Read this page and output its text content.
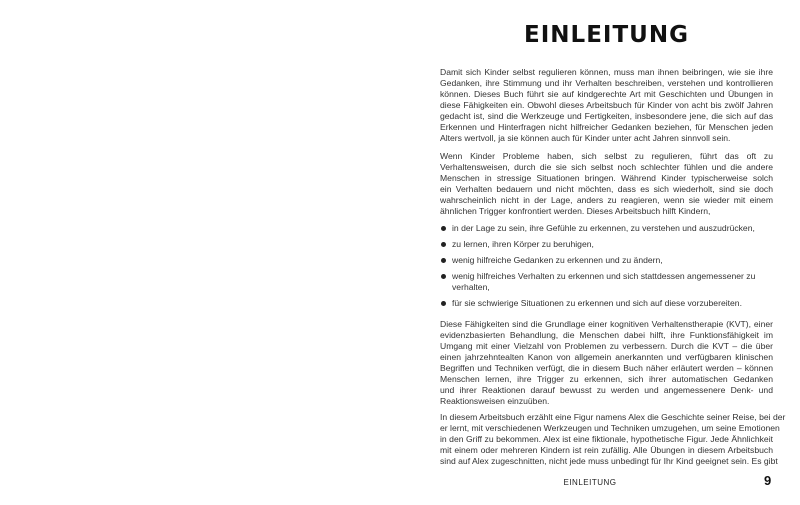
EINLEITUNG
Damit sich Kinder selbst regulieren können, muss man ihnen beibringen, wie sie ihre
Gedanken, ihre Stimmung und ihr Verhalten beschreiben, verstehen und kontrollieren
können. Dieses Buch führt sie auf kindgerechte Art mit Geschichten und Übungen in
diese Fähigkeiten ein. Obwohl dieses Arbeitsbuch für Kinder von acht bis zwölf Jahren
gedacht ist, sind die Werkzeuge und Fertigkeiten, insbesondere jene, die sich auf das
Erkennen und Hinterfragen nicht hilfreicher Gedanken beziehen, für Menschen jeden
Alters wertvoll, ja sie können auch für Kinder unter acht Jahren sinnvoll sein.
Wenn Kinder Probleme haben, sich selbst zu regulieren, führt das oft zu
Verhaltensweisen, durch die sie sich selbst noch schlechter fühlen und die andere
Menschen in stressige Situationen bringen. Während Kinder typischerweise solch
ein Verhalten bedauern und nicht möchten, dass es sich wiederholt, sind sie doch
wahrscheinlich nicht in der Lage, anders zu reagieren, wenn sie wieder mit einem
ähnlichen Trigger konfrontiert werden. Dieses Arbeitsbuch hilft Kindern,
in der Lage zu sein, ihre Gefühle zu erkennen, zu verstehen und auszudrücken,
zu lernen, ihren Körper zu beruhigen,
wenig hilfreiche Gedanken zu erkennen und zu ändern,
wenig hilfreiches Verhalten zu erkennen und sich stattdessen angemessener zu
verhalten,
für sie schwierige Situationen zu erkennen und sich auf diese vorzubereiten.
Diese Fähigkeiten sind die Grundlage einer kognitiven Verhaltenstherapie (KVT), einer
evidenzbasierten Behandlung, die Menschen dabei hilft, ihre Funktionsfähigkeit im
Umgang mit einer Vielzahl von Problemen zu verbessern. Durch die KVT – die über
einen jahrzehntealten Kanon von allgemein anerkannten und verfügbaren klinischen
Begriffen und Techniken verfügt, die in diesem Buch näher erläutert werden – können
Menschen lernen, ihre Trigger zu erkennen, sich ihrer automatischen Gedanken
und ihrer Reaktionen darauf bewusst zu werden und angemessenere Denk- und
Reaktionsweisen einzuüben.
In diesem Arbeitsbuch erzählt eine Figur namens Alex die Geschichte seiner Reise, bei der
er lernt, mit verschiedenen Werkzeugen und Techniken umzugehen, um seine Emotionen
in den Griff zu bekommen. Alex ist eine fiktionale, hypothetische Figur. Jede Ähnlichkeit
mit einem oder mehreren Kindern ist rein zufällig. Alle Übungen in diesem Arbeitsbuch
sind auf Alex zugeschnitten, nicht jede muss unbedingt für Ihr Kind geeignet sein. Es gibt
EINLEITUNG	9
